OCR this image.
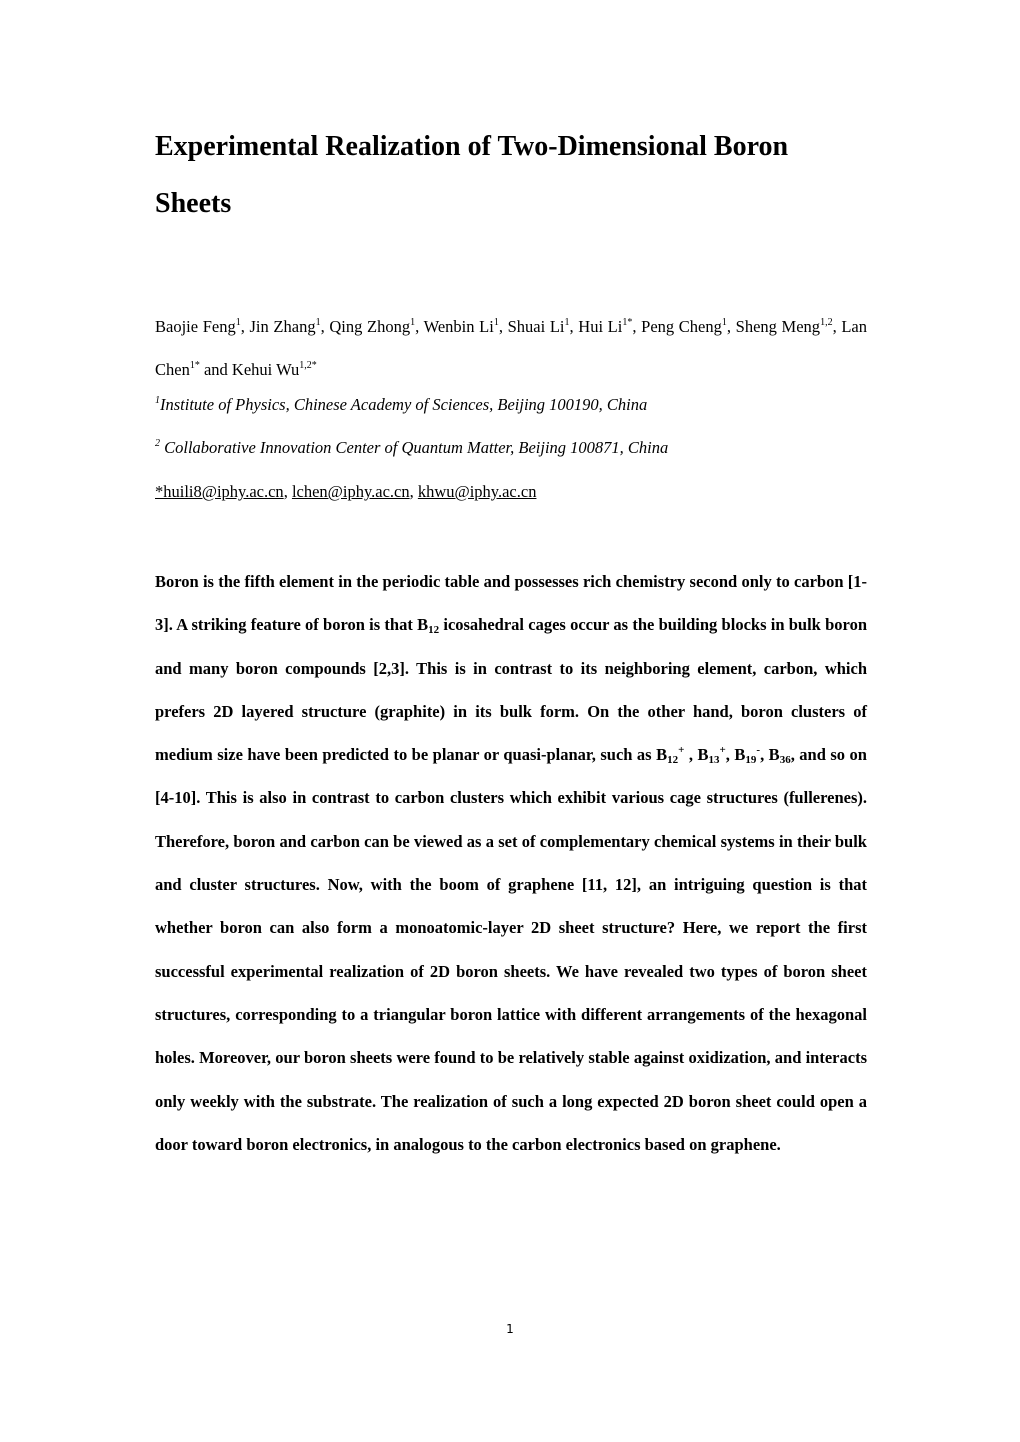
Experimental Realization of Two-Dimensional Boron
Sheets
Baojie Feng$^1$, Jin Zhang$^1$, Qing Zhong$^1$, Wenbin Li$^1$, Shuai Li$^1$, Hui $Li^{1*}$, Peng Cheng$^1$, Sheng Meng$^{1,2}$, Lan Chen$^{1*}$ and Kehui $Wu^{1,2*}$
$^1$Institute of Physics, Chinese Academy of Sciences, Beijing 100190, China
$^2$ Collaborative Innovation Center of Quantum Matter, Beijing 100871, China
*huili8@iphy.ac.cn, lchen@iphy.ac.cn, khwu@iphy.ac.cn

Boron is the fifth element in the periodic table and possesses rich chemistry second only to carbon [1-3]. A striking feature of boron is that $B_{12}$ icosahedral cages occur as the building blocks in bulk boron and many boron compounds [2,3]. This is in contrast to its neighboring element, carbon, which prefers 2D layered structure (graphite) in its bulk form. On the other hand, boron clusters of medium size have been predicted to be planar or quasi-planar, such as $B_{12}^+$ , $B_{13}^+$, $B_{19}^-$, $B_{36}$, and so on [4-10]. This is also in contrast to carbon clusters which exhibit various cage structures (fullerenes). Therefore, boron and carbon can be viewed as a set of complementary chemical systems in their bulk and cluster structures. Now, with the boom of graphene [11, 12], an intriguing question is that whether boron can also form a monoatomic-layer 2D sheet structure? Here, we report the first successful experimental realization of 2D boron sheets. We have revealed two types of boron sheet structures, corresponding to a triangular boron lattice with different arrangements of the hexagonal holes. Moreover, our boron sheets were found to be relatively stable against oxidization, and interacts only weekly with the substrate. The realization of such a long expected 2D boron sheet could open a door toward boron electronics, in analogous to the carbon electronics based on graphene.

1
